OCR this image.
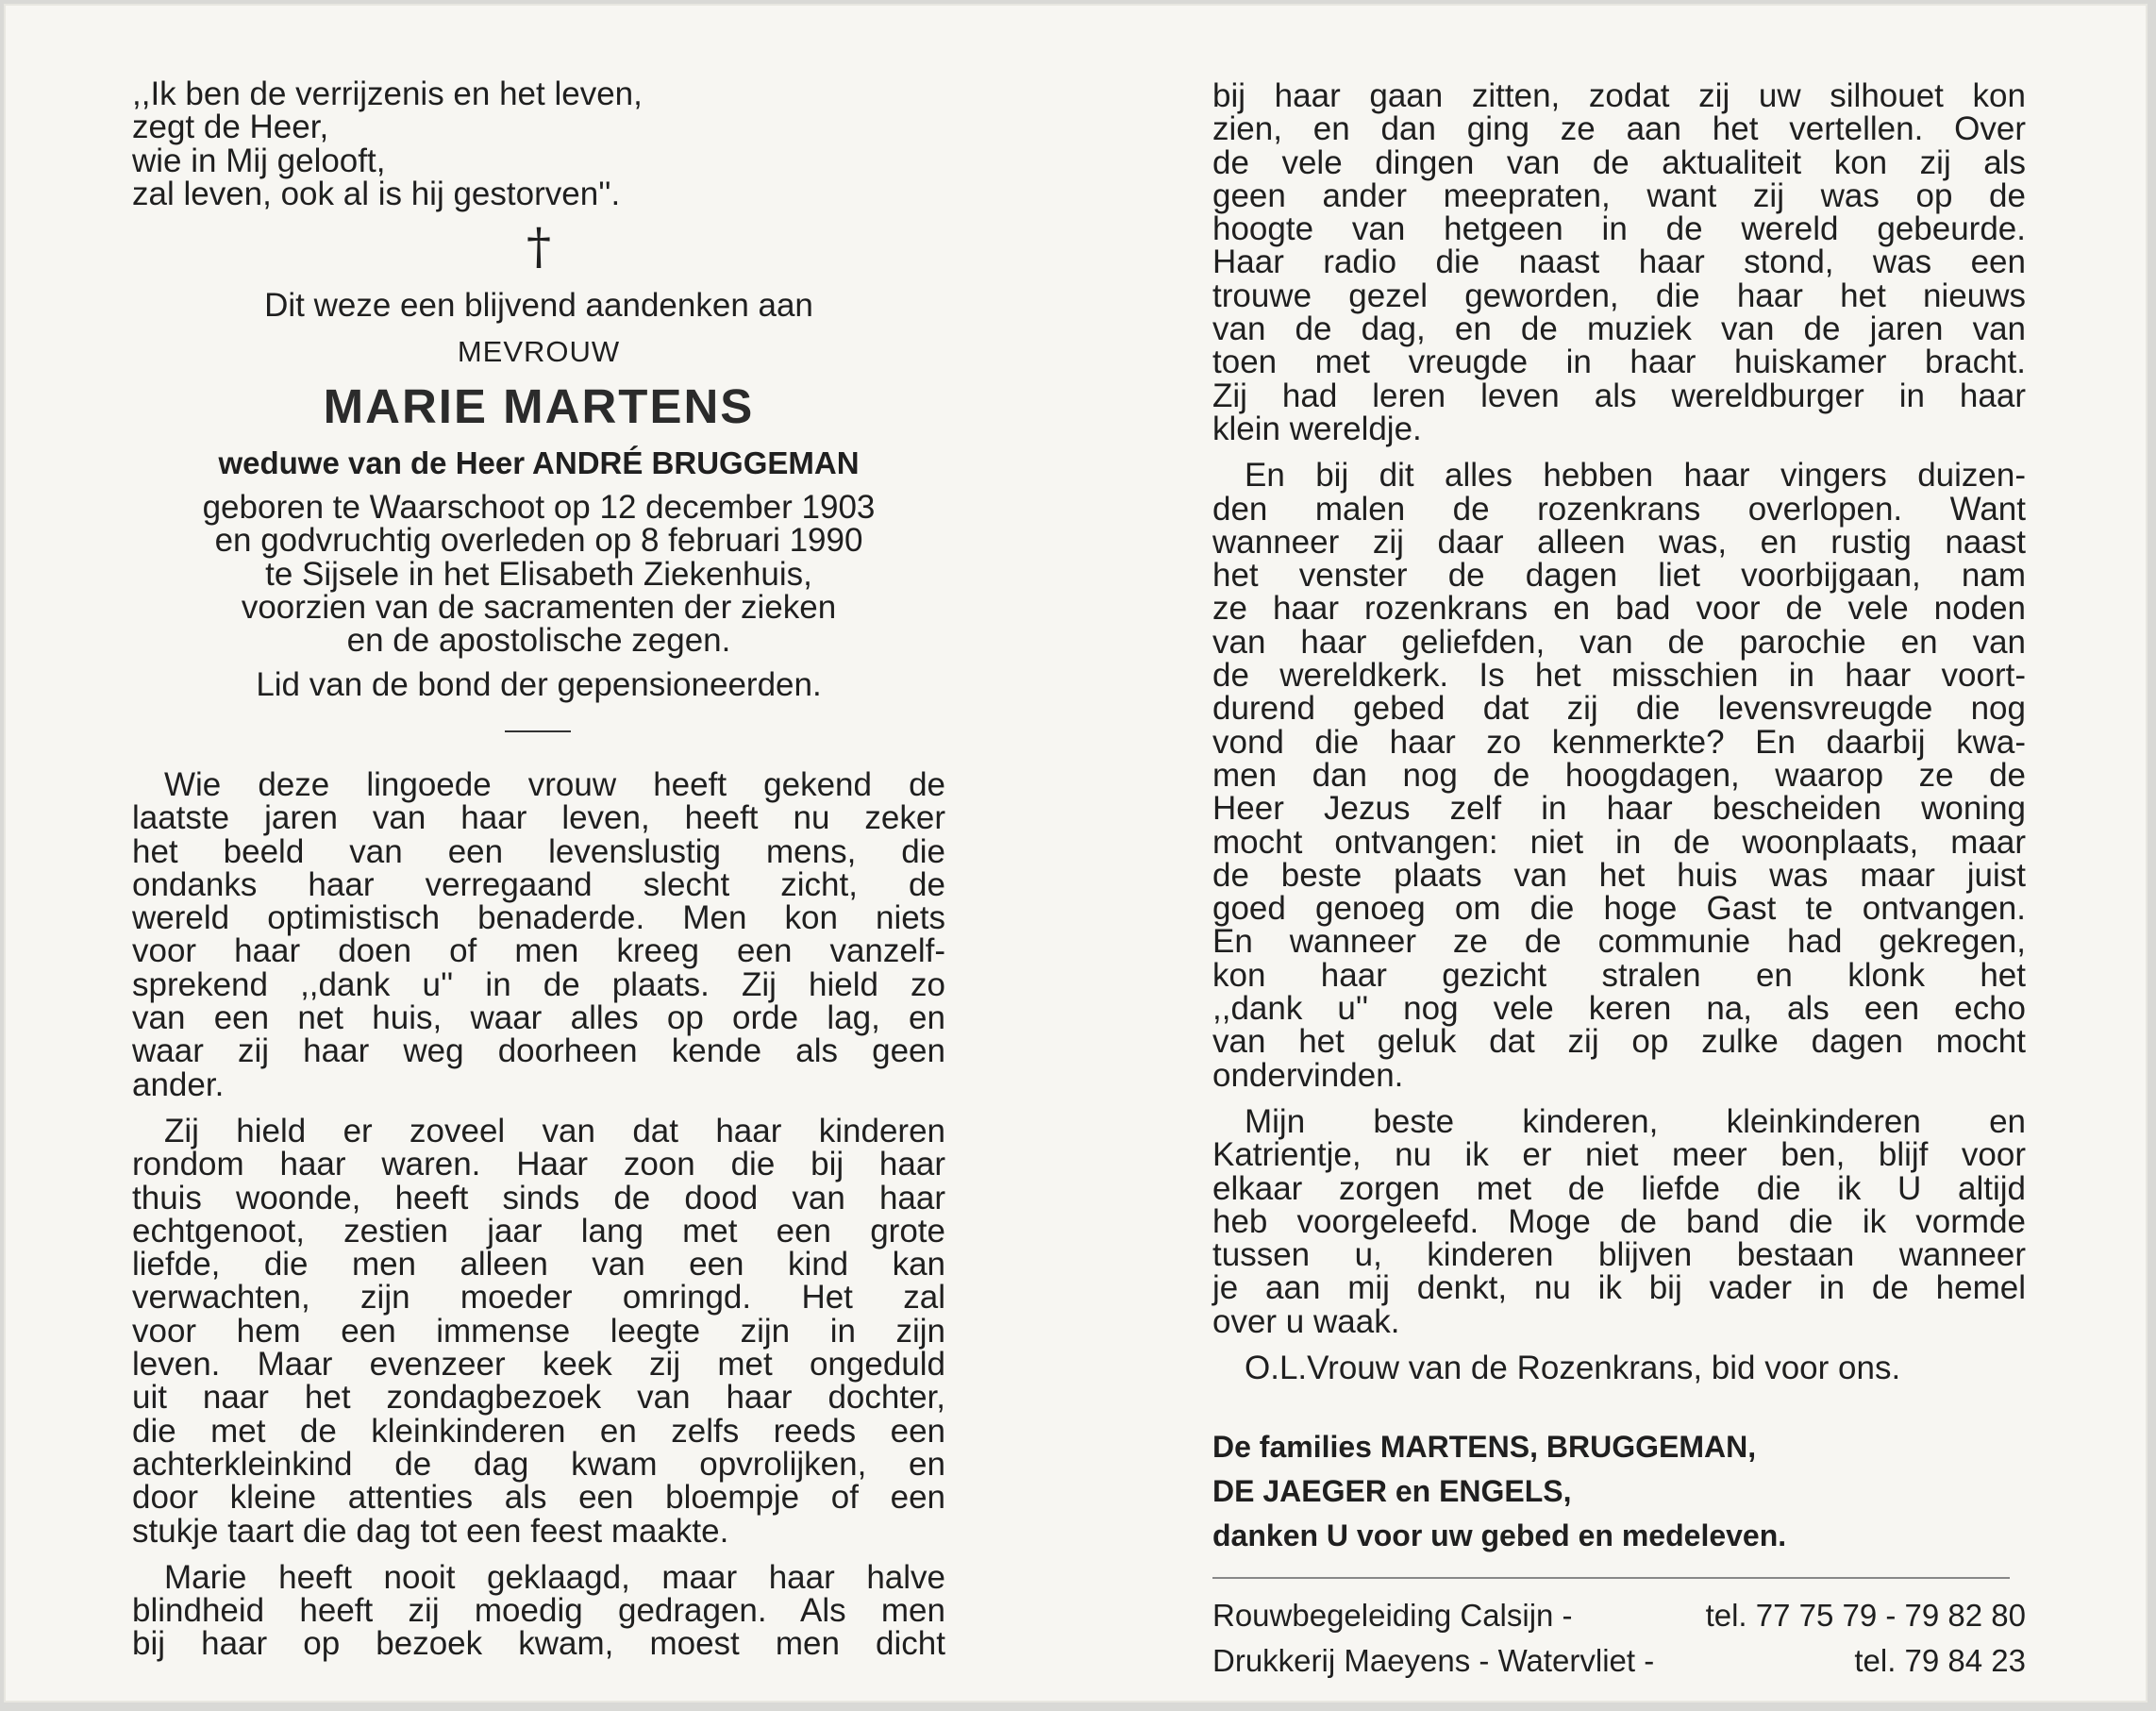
,,Ik ben de verrijzenis en het leven,
zegt de Heer,
wie in Mij gelooft,
zal leven, ook al is hij gestorven''.
†
Dit weze een blijvend aandenken aan
MEVROUW
MARIE MARTENS
weduwe van de Heer ANDRÉ BRUGGEMAN
geboren te Waarschoot op 12 december 1903
en godvruchtig overleden op 8 februari 1990
te Sijsele in het Elisabeth Ziekenhuis,
voorzien van de sacramenten der zieken
en de apostolische zegen.
Lid van de bond der gepensioneerden.
Wie deze lingoede vrouw heeft gekend de
laatste jaren van haar leven, heeft nu zeker
het beeld van een levenslustig mens, die
ondanks haar verregaand slecht zicht, de
wereld optimistisch benaderde. Men kon niets
voor haar doen of men kreeg een vanzelf-
sprekend ,,dank u'' in de plaats. Zij hield zo
van een net huis, waar alles op orde lag, en
waar zij haar weg doorheen kende als geen
ander.
Zij hield er zoveel van dat haar kinderen
rondom haar waren. Haar zoon die bij haar
thuis woonde, heeft sinds de dood van haar
echtgenoot, zestien jaar lang met een grote
liefde, die men alleen van een kind kan
verwachten, zijn moeder omringd. Het zal
voor hem een immense leegte zijn in zijn
leven. Maar evenzeer keek zij met ongeduld
uit naar het zondagbezoek van haar dochter,
die met de kleinkinderen en zelfs reeds een
achterkleinkind de dag kwam opvrolijken, en
door kleine attenties als een bloempje of een
stukje taart die dag tot een feest maakte.
Marie heeft nooit geklaagd, maar haar halve
blindheid heeft zij moedig gedragen. Als men
bij haar op bezoek kwam, moest men dicht
bij haar gaan zitten, zodat zij uw silhouet kon
zien, en dan ging ze aan het vertellen. Over
de vele dingen van de aktualiteit kon zij als
geen ander meepraten, want zij was op de
hoogte van hetgeen in de wereld gebeurde.
Haar radio die naast haar stond, was een
trouwe gezel geworden, die haar het nieuws
van de dag, en de muziek van de jaren van
toen met vreugde in haar huiskamer bracht.
Zij had leren leven als wereldburger in haar
klein wereldje.
En bij dit alles hebben haar vingers duizen-
den malen de rozenkrans overlopen. Want
wanneer zij daar alleen was, en rustig naast
het venster de dagen liet voorbijgaan, nam
ze haar rozenkrans en bad voor de vele noden
van haar geliefden, van de parochie en van
de wereldkerk. Is het misschien in haar voort-
durend gebed dat zij die levensvreugde nog
vond die haar zo kenmerkte? En daarbij kwa-
men dan nog de hoogdagen, waarop ze de
Heer Jezus zelf in haar bescheiden woning
mocht ontvangen: niet in de woonplaats, maar
de beste plaats van het huis was maar juist
goed genoeg om die hoge Gast te ontvangen.
En wanneer ze de communie had gekregen,
kon haar gezicht stralen en klonk het
,,dank u'' nog vele keren na, als een echo
van het geluk dat zij op zulke dagen mocht
ondervinden.
Mijn beste kinderen, kleinkinderen en
Katrientje, nu ik er niet meer ben, blijf voor
elkaar zorgen met de liefde die ik U altijd
heb voorgeleefd. Moge de band die ik vormde
tussen u, kinderen blijven bestaan wanneer
je aan mij denkt, nu ik bij vader in de hemel
over u waak.
O.L.Vrouw van de Rozenkrans, bid voor ons.
De families MARTENS, BRUGGEMAN,
DE JAEGER en ENGELS,
danken U voor uw gebed en medeleven.
Rouwbegeleiding Calsijn -	tel. 77 75 79 - 79 82 80
Drukkerij Maeyens - Watervliet -	tel. 79 84 23
